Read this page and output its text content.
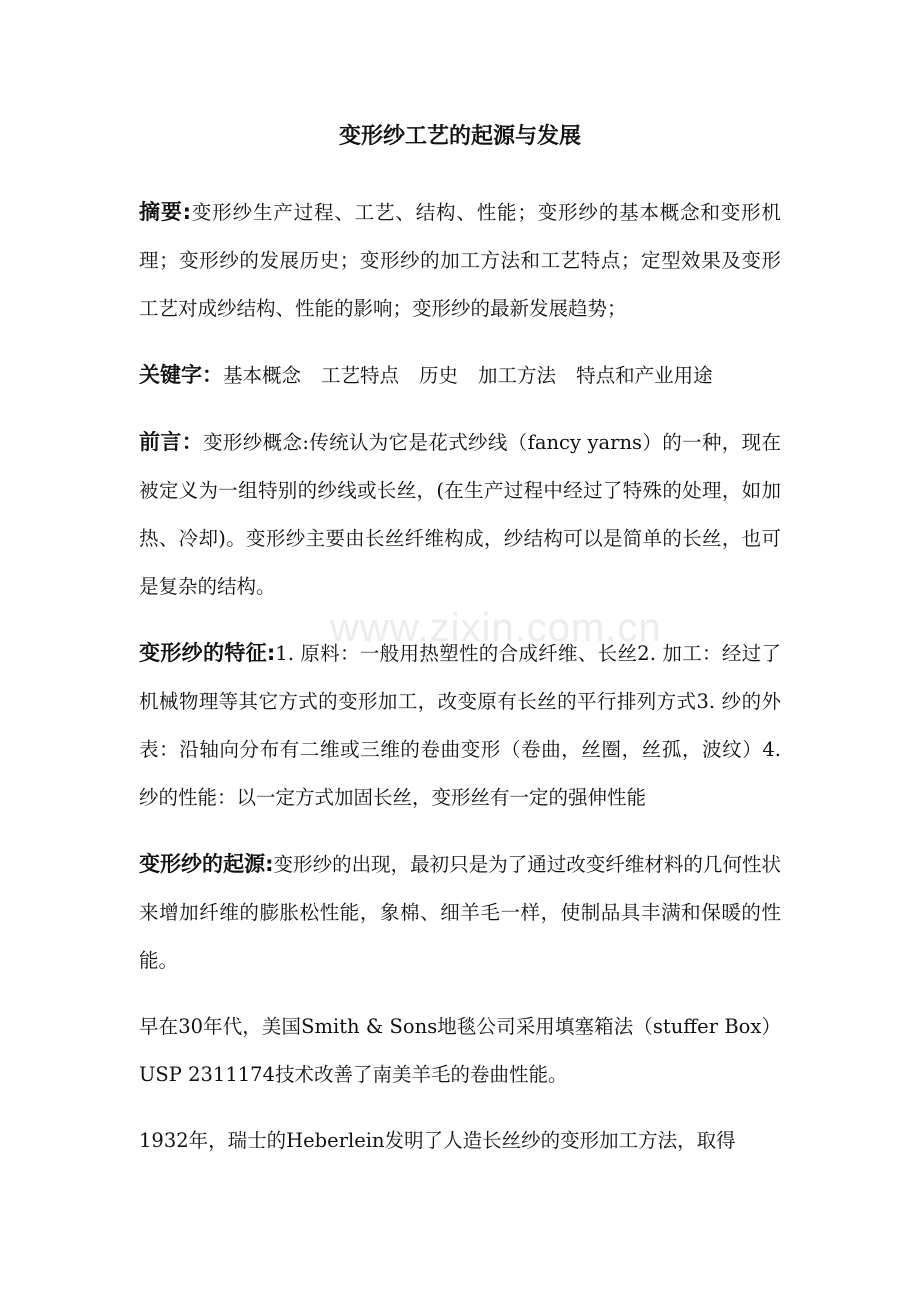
变形纱工艺的起源与发展

摘要:变形纱生产过程、工艺、结构、性能；变形纱的基本概念和变形机理；变形纱的发展历史；变形纱的加工方法和工艺特点；定型效果及变形工艺对成纱结构、性能的影响；变形纱的最新发展趋势；

关键字：基本概念 工艺特点 历史 加工方法 特点和产业用途

前言：变形纱概念:传统认为它是花式纱线（fancy yarns）的一种，现在被定义为一组特别的纱线或长丝，(在生产过程中经过了特殊的处理，如加热、冷却)。变形纱主要由长丝纤维构成，纱结构可以是简单的长丝，也可是复杂的结构。

变形纱的特征:1. 原料：一般用热塑性的合成纤维、长丝2. 加工：经过了机械物理等其它方式的变形加工，改变原有长丝的平行排列方式3. 纱的外表：沿轴向分布有二维或三维的卷曲变形（卷曲，丝圈，丝孤，波纹）4. 纱的性能：以一定方式加固长丝，变形丝有一定的强伸性能

变形纱的起源:变形纱的出现，最初只是为了通过改变纤维材料的几何性状来增加纤维的膨胀松性能，象棉、细羊毛一样，使制品具丰满和保暖的性能。

早在30年代，美国Smith & Sons地毯公司采用填塞箱法（stuffer Box）USP 2311174技术改善了南美羊毛的卷曲性能。

1932年，瑞士的Heberlein发明了人造长丝纱的变形加工方法，取得

www.zixin.com.cn
